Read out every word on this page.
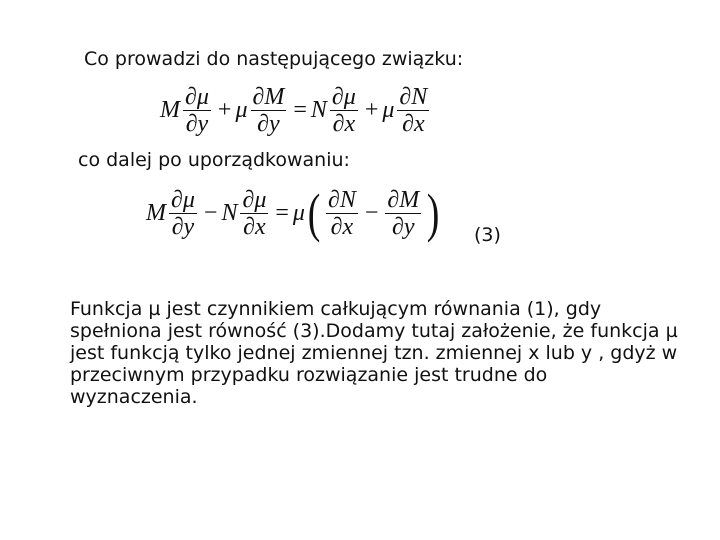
Co prowadzi do następującego związku:
M $\frac{\partial\mu}{\partial y} + \mu \frac{\partial M}{\partial y} = N \frac{\partial\mu}{\partial x} + \mu \frac{\partial N}{\partial x}$
co dalej po uporządkowaniu:
M $\frac{\partial\mu}{\partial y} - N \frac{\partial\mu}{\partial x} = \mu$ ( $\frac{\partial N}{\partial x} - \frac{\partial M}{\partial y}$ ) (3)
Funkcja µ jest czynnikiem całkującym równania (1), gdy spełniona jest równość (3).Dodamy tutaj założenie, że funkcja µ jest funkcją tylko jednej zmiennej tzn. zmiennej x lub y , gdyż w przeciwnym przypadku rozwiązanie jest trudne do wyznaczenia.
